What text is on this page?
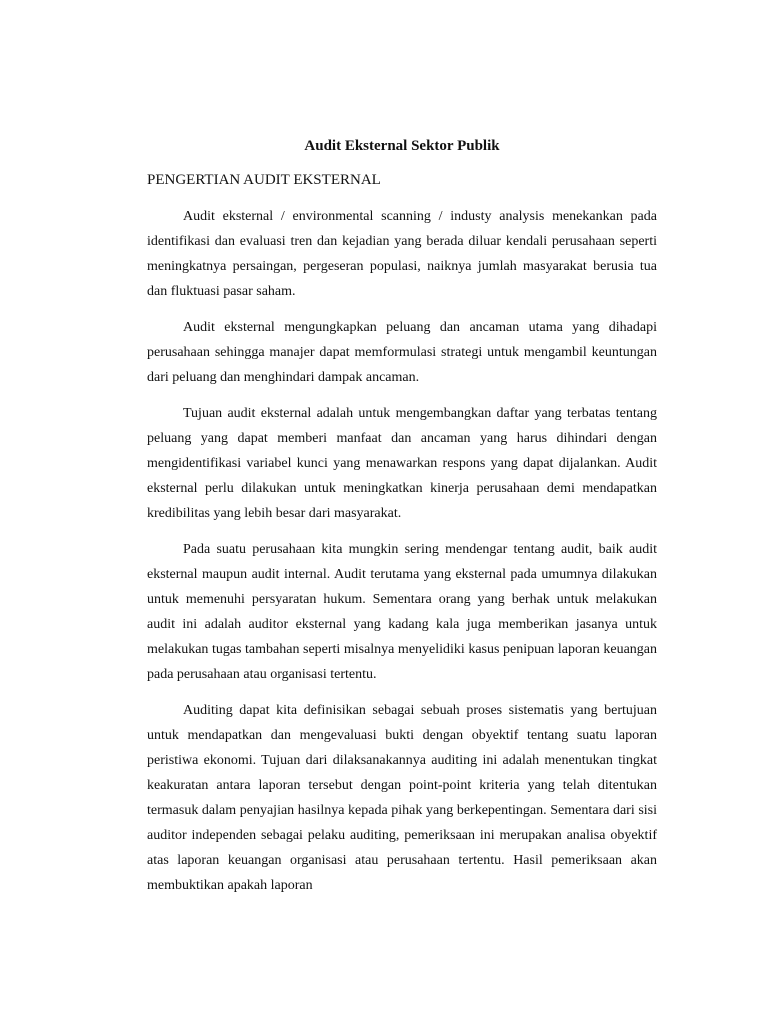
Audit Eksternal Sektor Publik
PENGERTIAN AUDIT EKSTERNAL

Audit eksternal / environmental scanning / industy analysis menekankan pada identifikasi dan evaluasi tren dan kejadian yang berada diluar kendali perusahaan seperti meningkatnya persaingan, pergeseran populasi, naiknya jumlah masyarakat berusia tua dan fluktuasi pasar saham.

Audit eksternal mengungkapkan peluang dan ancaman utama yang dihadapi perusahaan sehingga manajer dapat memformulasi strategi untuk mengambil keuntungan dari peluang dan menghindari dampak ancaman.

Tujuan audit eksternal adalah untuk mengembangkan daftar yang terbatas tentang peluang yang dapat memberi manfaat dan ancaman yang harus dihindari dengan mengidentifikasi variabel kunci yang menawarkan respons yang dapat dijalankan. Audit eksternal perlu dilakukan untuk meningkatkan kinerja perusahaan demi mendapatkan kredibilitas yang lebih besar dari masyarakat.

Pada suatu perusahaan kita mungkin sering mendengar tentang audit, baik audit eksternal maupun audit internal. Audit terutama yang eksternal pada umumnya dilakukan untuk memenuhi persyaratan hukum. Sementara orang yang berhak untuk melakukan audit ini adalah auditor eksternal yang kadang kala juga memberikan jasanya untuk melakukan tugas tambahan seperti misalnya menyelidiki kasus penipuan laporan keuangan pada perusahaan atau organisasi tertentu.

Auditing dapat kita definisikan sebagai sebuah proses sistematis yang bertujuan untuk mendapatkan dan mengevaluasi bukti dengan obyektif tentang suatu laporan peristiwa ekonomi. Tujuan dari dilaksanakannya auditing ini adalah menentukan tingkat keakuratan antara laporan tersebut dengan point-point kriteria yang telah ditentukan termasuk dalam penyajian hasilnya kepada pihak yang berkepentingan. Sementara dari sisi auditor independen sebagai pelaku auditing, pemeriksaan ini merupakan analisa obyektif atas laporan keuangan organisasi atau perusahaan tertentu. Hasil pemeriksaan akan membuktikan apakah laporan
